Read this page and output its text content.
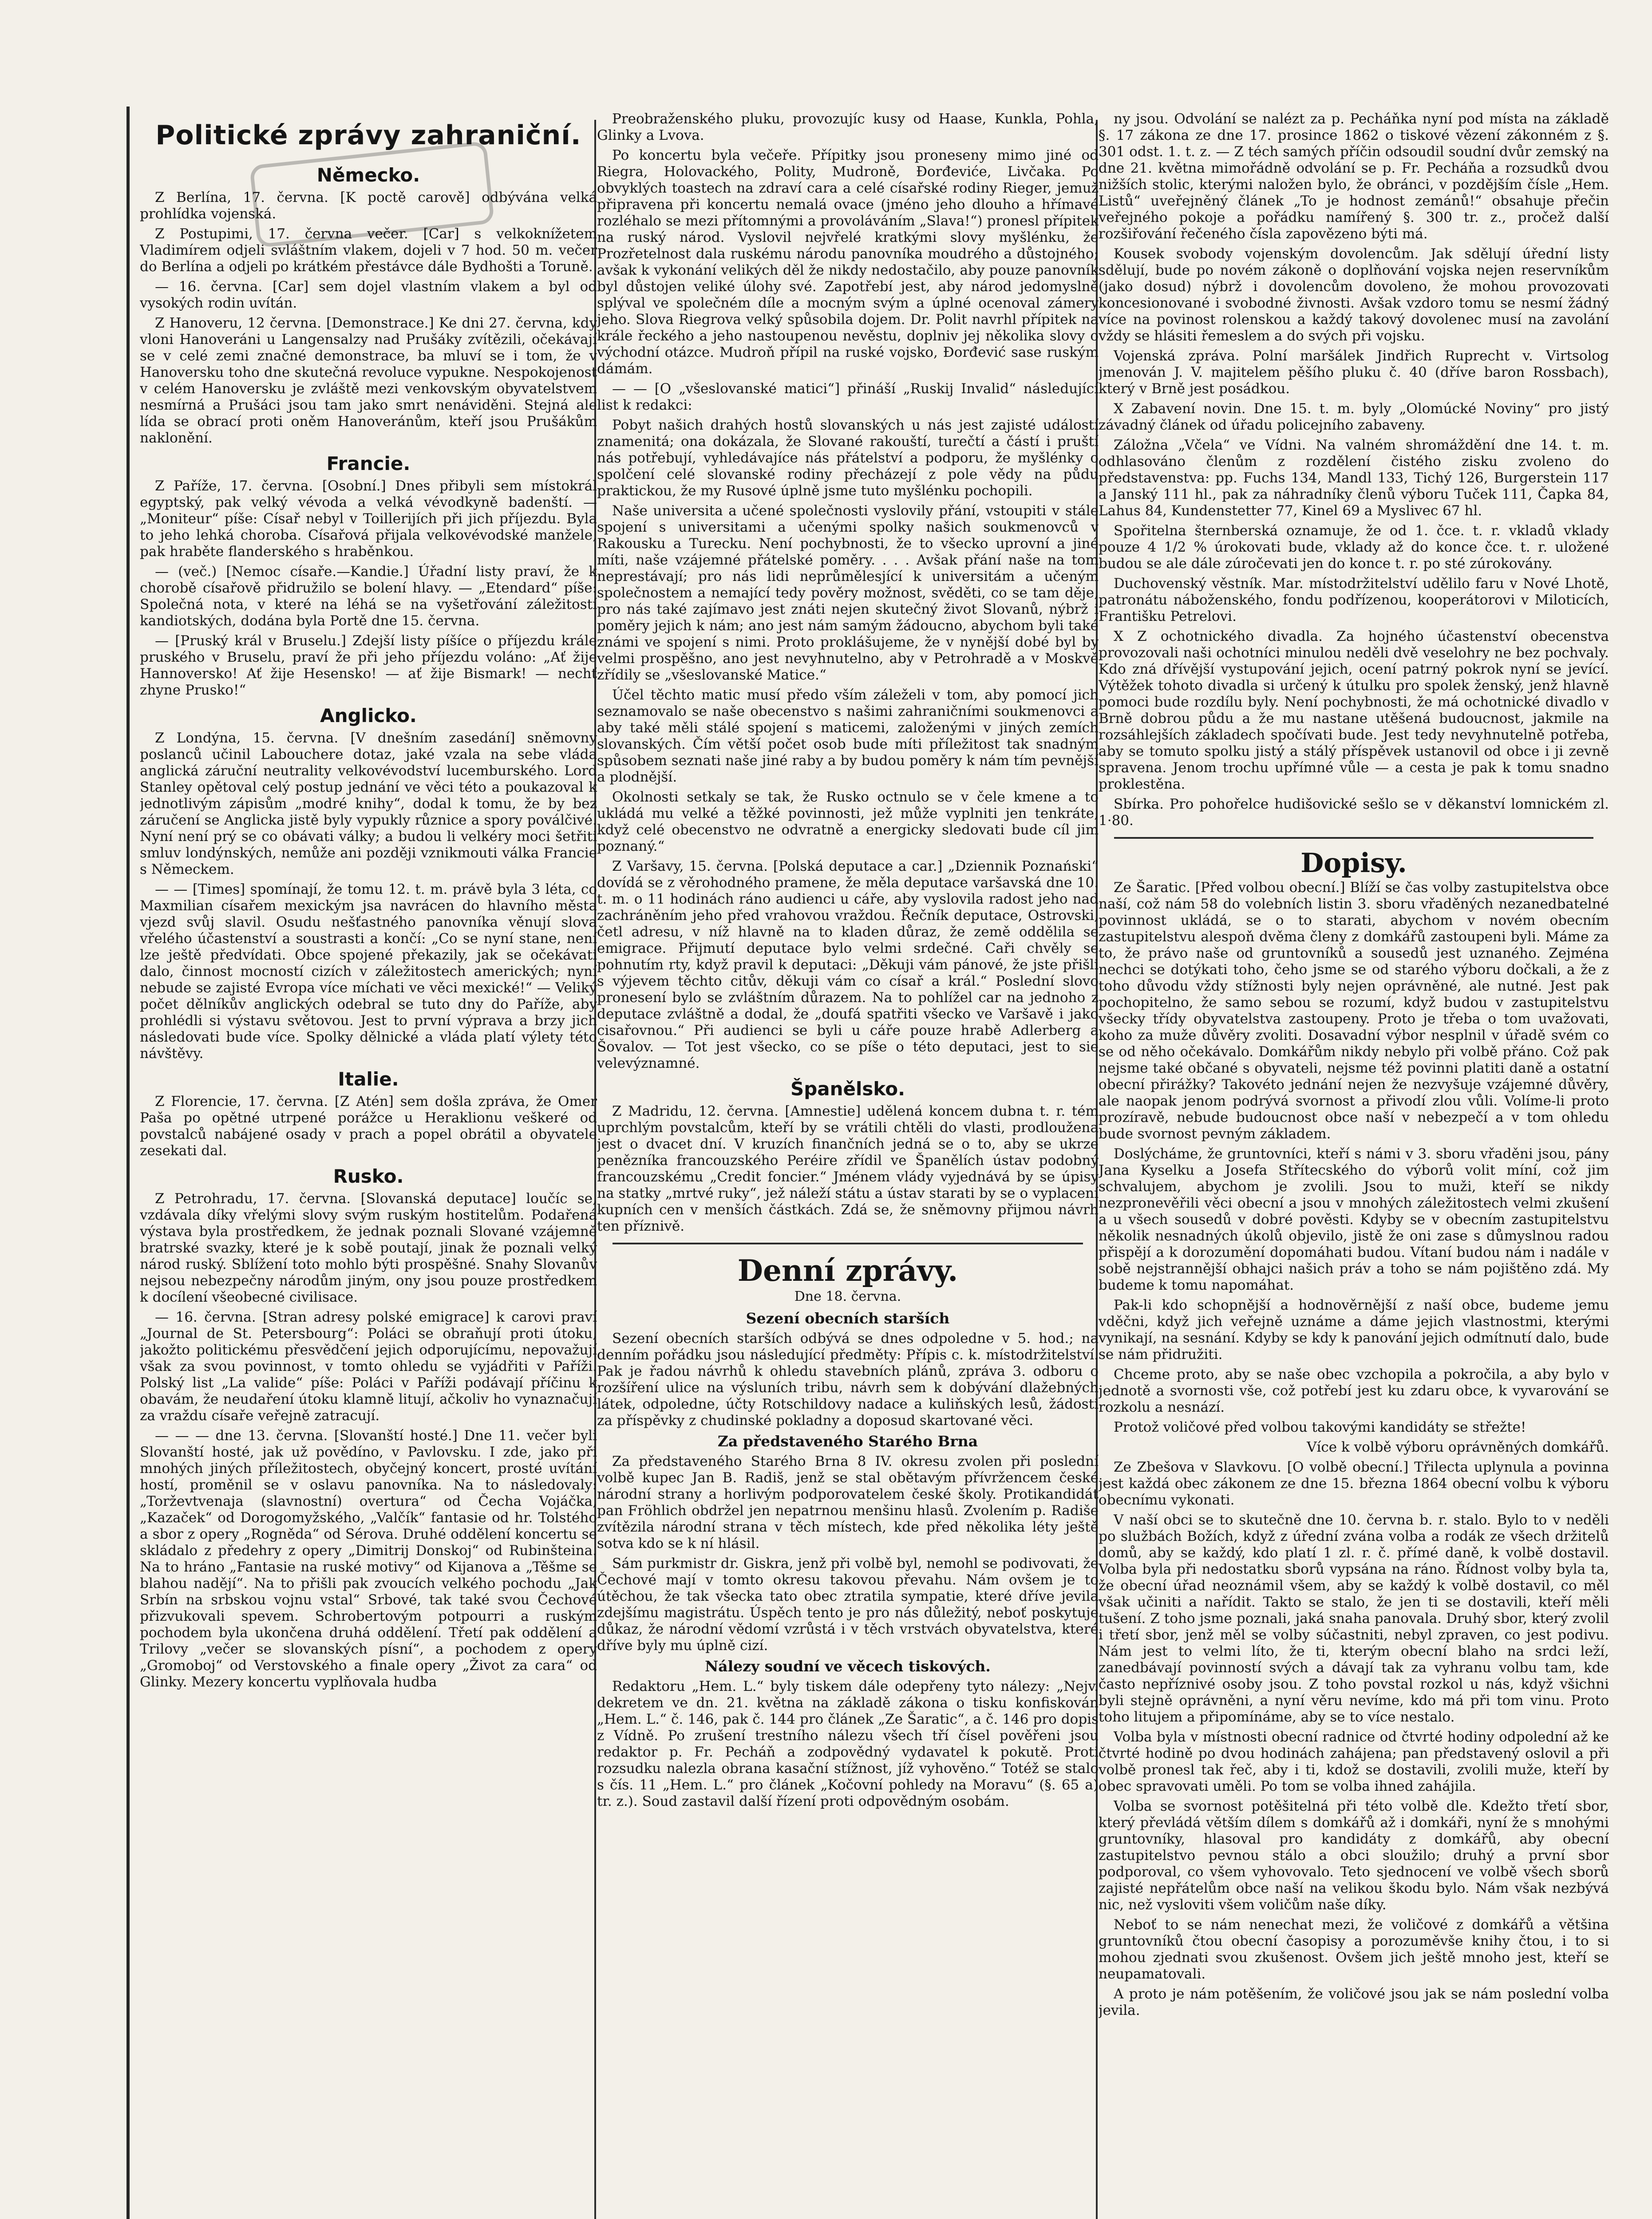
Politické zprávy zahraniční.
Německo.

Z Berlína, 17. června. [K poctě carově] odbývána velká prohlídka vojenská.

Z Postupimi, 17. června večer. [Car] s velkoknížetem Vladimírem odjeli svláštním vlakem, dojeli v 7 hod. 50 m. večer do Berlína a odjeli po krátkém přestávce dále Bydhošti a Toruně.

— 16. června. [Car] sem dojel vlastním vlakem a byl od vysokých rodin uvítán.

Z Hanoveru, 12 června. [Demonstrace.] Ke dni 27. června, kdy vloni Hanoveráni u Langensalzy nad Prušáky zvítězili, očekávají se v celé zemi značné demonstrace, ba mluví se i tom, že v Hanoversku toho dne skutečná revoluce vypukne. Nespokojenost v celém Hanoversku je zvláště mezi venkovským obyvatelstvem nesmírná a Prušáci jsou tam jako smrt nenáviděni. Stejná ale lída se obrací proti oněm Hanoveránům, kteří jsou Prušákům naklonění.

Francie.

Z Paříže, 17. června. [Osobní.] Dnes přibyli sem místokrál egyptský, pak velký vévoda a velká vévodkyně badenští. — „Moniteur“ píše: Císař nebyl v Toillerijích při jich příjezdu. Byla to jeho lehká choroba. Císařová přijala velkovévodské manžele, pak hraběte flanderského s hraběnkou.

— (več.) [Nemoc císaře.—Kandie.] Úřadní listy praví, že k chorobě císařově přidružilo se bolení hlavy. — „Etendard“ píše: Společná nota, v které na léhá se na vyšetřování záležitostí kandiotských, dodána byla Portě dne 15. června.

— [Pruský král v Bruselu.] Zdejší listy píšíce o příjezdu krále pruského v Bruselu, praví že při jeho příjezdu voláno: „Ať žije Hannoversko! Ať žije Hesensko! — ať žije Bismark! — nechť zhyne Prusko!“

Anglicko.

Z Londýna, 15. června. [V dnešním zasedání] sněmovny poslanců učinil Labouchere dotaz, jaké vzala na sebe vláda anglická záruční neutrality velkovévodství lucemburského. Lord Stanley opětoval celý postup jednání ve věci této a poukazoval k jednotlivým zápisům „modré knihy“, dodal k tomu, že by bez záručení se Anglicka jistě byly vypukly různice a spory poválčivé. Nyní není prý se co obávati války; a budou li velkéry moci šetřiti smluv londýnských, nemůže ani později vznikmouti válka Francie s Německem.

— — [Times] spomínají, že tomu 12. t. m. právě byla 3 léta, co Maxmilian císařem mexickým jsa navrácen do hlavního města vjezd svůj slavil. Osudu nešťastného panovníka věnují slova vřelého účastenství a soustrasti a končí: „Co se nyní stane, není lze ještě předvídati. Obce spojené překazily, jak se očekávati dalo, činnost mocností cizích v záležitostech amerických; nyní nebude se zajisté Evropa více míchati ve věci mexické!“ — Veliký počet dělníkův anglických odebral se tuto dny do Paříže, aby prohlédli si výstavu světovou. Jest to první výprava a brzy jich následovati bude více. Spolky dělnické a vláda platí výlety této návštěvy.

Italie.

Z Florencie, 17. června. [Z Atén] sem došla zpráva, že Omer Paša po opětné utrpené porážce u Heraklionu veškeré od povstalců nabájené osady v prach a popel obrátil a obyvatele zesekati dal.

Rusko.

Z Petrohradu, 17. června. [Slovanská deputace] loučíc se, vzdávala díky vřelými slovy svým ruským hostitelům. Podařená výstava byla prostředkem, že jednak poznali Slované vzájemně bratrské svazky, které je k sobě poutají, jinak že poznali velký národ ruský. Sblížení toto mohlo býti prospěšné. Snahy Slovanův nejsou nebezpečny národům jiným, ony jsou pouze prostředkem k docílení všeobecné civilisace.

— 16. června. [Stran adresy polské emigrace] k carovi praví „Journal de St. Petersbourg“: Poláci se obraňují proti útoku, jakožto politickému přesvědčení jejich odporujícímu, nepovažují však za svou povinnost, v tomto ohledu se vyjádřiti v Paříži. Polský list „La valide“ píše: Poláci v Paříži podávají příčinu k obavám, že neudaření útoku klamně litují, ačkoliv ho vynaznačují za vraždu císaře veřejně zatracují.

— — — dne 13. června. [Slovanští hosté.] Dne 11. večer byli Slovanští hosté, jak už povědíno, v Pavlovsku. I zde, jako při mnohých jiných příležitostech, obyčejný koncert, prosté uvítání hostí, proměnil se v oslavu panovníka. Na to následovaly: „Torževtvenaja (slavnostní) overtura“ od Čecha Vojáčka, „Kazaček“ od Dorogomyžského, „Valčík“ fantasie od hr. Tolstého a sbor z opery „Rogněda“ od Sérova. Druhé oddělení koncertu se skládalo z předehry z opery „Dimitrij Donskoj“ od Rubinšteina. Na to hráno „Fantasie na ruské motivy“ od Kijanova a „Těšme se blahou nadějí“. Na to přišli pak zvoucích velkého pochodu „Jak Srbín na srbskou vojnu vstal“ Srbové, tak také svou Čechové přizvukovali spevem. Schrobertovým potpourri a ruským pochodem byla ukončena druhá oddělení. Třetí pak oddělení a Trilovy „večer se slovanských písní“, a pochodem z opery „Gromoboj“ od Verstovského a finale opery „Život za cara“ od Glinky. Mezery koncertu vyplňovala hudba

Preobraženského pluku, provozujíc kusy od Haase, Kunkla, Pohla, Glinky a Lvova.

Po koncertu byla večeře. Přípitky jsou proneseny mimo jiné od Riegra, Holovackého, Polity, Mudroně, Đorđeviće, Livčaka. Po obvyklých toastech na zdraví cara a celé císařské rodiny Rieger, jemuž připravena při koncertu nemalá ovace (jméno jeho dlouho a hřímavé rozléhalo se mezi přítomnými a provoláváním „Slava!“) pronesl přípitek na ruský národ. Vyslovil nejvřelé kratkými slovy myšlénku, že Prozřetelnost dala ruskému národu panovníka moudrého a důstojného; avšak k vykonání velikých děl že nikdy nedostačilo, aby pouze panovník byl důstojen veliké úlohy své. Zapotřebí jest, aby národ jedomyslně splýval ve společném díle a mocným svým a úplné ocenoval zámery jeho. Slova Riegrova velký spůsobila dojem. Dr. Polit navrhl přípitek na krále řeckého a jeho nastoupenou nevěstu, doplniv jej několika slovy o východní otázce. Mudroň přípil na ruské vojsko, Đorđević sase ruským dámám.

— — [O „všeslovanské matici“] přináší „Ruskij Invalid“ následující list k redakci:

Pobyt našich drahých hostů slovanských u nás jest zajisté událostí znamenitá; ona dokázala, že Slované rakouští, turečtí a částí i pruští nás potřebují, vyhledávajíce nás přátelství a podporu, že myšlénky o spolčení celé slovanské rodiny přecházejí z pole vědy na půdu praktickou, že my Rusové úplně jsme tuto myšlénku pochopili.

Naše universita a učené společnosti vyslovily přání, vstoupiti v stále spojení s universitami a učenými spolky našich soukmenovců v Rakousku a Turecku. Není pochybnosti, že to všecko uprovní a jiné míti, naše vzájemné přátelské poměry. . . . Avšak přání naše na tom neprestávají; pro nás lidi neprůmělesjící k universitám a učeným společnostem a nemající tedy pověry možnost, svěděti, co se tam děje, pro nás také zajímavo jest znáti nejen skutečný život Slovanů, nýbrž i poměry jejich k nám; ano jest nám samým žádoucno, abychom byli také známi ve spojení s nimi. Proto proklášujeme, že v nynější dobé byl by velmi prospěšno, ano jest nevyhnutelno, aby v Petrohradě a v Moskvě zřídily se „všeslovanské Matice.“

Účel těchto matic musí předo vším záleželi v tom, aby pomocí jich seznamovalo se naše obecenstvo s našimi zahraničními soukmenovci a aby také měli stálé spojení s maticemi, založenými v jiných zemích slovanských. Čím větší počet osob bude míti příležitost tak snadným spůsobem seznati naše jiné raby a by budou poměry k nám tím pevnější a plodnější.

Okolnosti setkaly se tak, že Rusko octnulo se v čele kmene a to ukládá mu velké a těžké povinnosti, jež může vyplniti jen tenkráte, když celé obecenstvo ne odvratně a energicky sledovati bude cíl jim poznaný.“

Z Varšavy, 15. června. [Polská deputace a car.] „Dziennik Poznański“ dovídá se z věrohodného pramene, že měla deputace varšavská dne 10. t. m. o 11 hodinách ráno audienci u cáře, aby vyslovila radost jeho nad zachráněním jeho před vrahovou vraždou. Řečník deputace, Ostrovski, četl adresu, v níž hlavně na to kladen důraz, že země oddělila se emigrace. Přijmutí deputace bylo velmi srdečné. Caři chvěly se pohnutím rty, když pravil k deputaci: „Děkuji vám pánové, že jste přišli s výjevem těchto citův, děkuji vám co císař a král.“ Poslední slovo pronesení bylo se zvláštním důrazem. Na to pohlížel car na jednoho z deputace zvláštně a dodal, že „doufá spatřiti všecko ve Varšavě i jako cisařovnou.“ Při audienci se byli u cáře pouze hrabě Adlerberg a Šovalov. — Tot jest všecko, co se píše o této deputaci, jest to sie velevýznamné.

Španělsko.

Z Madridu, 12. června. [Amnestie] udělená koncem dubna t. r. tém uprchlým povstalcům, kteří by se vrátili chtěli do vlasti, prodloužena jest o dvacet dní. V kruzích finančních jedná se o to, aby se ukrze penězníka francouzského Peréire zřídil ve Španělích ústav podobný francouzskému „Credit foncier.“ Jménem vlády vyjednává by se úpisy na statky „mrtvé ruky“, jež náleží státu a ústav starati by se o vyplacení kupních cen v menších částkách. Zdá se, že sněmovny přijmou návrh ten příznivě.

Denní zprávy.
Dne 18. června.
Sezení obecních starších

Sezení obecních starších odbývá se dnes odpoledne v 5. hod.; na denním pořádku jsou následující předměty: Přípis c. k. místodržitelství. Pak je řadou návrhů k ohledu stavebních plánů, zpráva 3. odboru o rozšíření ulice na výsluních tribu, návrh sem k dobývání dlažebných látek, odpoledne, účty Rotschildovy nadace a kuliňských lesů, žádosti za příspěvky z chudinské pokladny a doposud skartované věci.

Za představeného Starého Brna

Za představeného Starého Brna 8 IV. okresu zvolen při poslední volbě kupec Jan B. Radiš, jenž se stal obětavým přívržencem české národní strany a horlivým podporovatelem české školy. Protikandidát pan Fröhlich obdržel jen nepatrnou menšinu hlasů. Zvolením p. Radiše zvítězila národní strana v těch místech, kde před několika léty ještě sotva kdo se k ní hlásil.

Sám purkmistr dr. Giskra, jenž při volbě byl, nemohl se podivovati, že Čechové mají v tomto okresu takovou převahu. Nám ovšem je to útěchou, že tak všecka tato obec ztratila sympatie, které dříve jevila zdejšímu magistrátu. Úspěch tento je pro nás důležitý, neboť poskytuje důkaz, že národní vědomí vzrůstá i v těch vrstvách obyvatelstva, které dříve byly mu úplně cizí.

Nálezy soudní ve věcech tiskových.

Redaktoru „Hem. L.“ byly tiskem dále odepřeny tyto nálezy: „Nejv. dekretem ve dn. 21. května na základě zákona o tisku konfiskován „Hem. L.“ č. 146, pak č. 144 pro článek „Ze Šaratic“, a č. 146 pro dopis z Vídně. Po zrušení trestního nálezu všech tří čísel pověřeni jsou redaktor p. Fr. Pecháň a zodpovědný vydavatel k pokutě. Proti rozsudku nalezla obrana kasační stížnost, jíž vyhověno.“ Totéž se stalo s čís. 11 „Hem. L.“ pro článek „Kočovní pohledy na Moravu“ (§. 65 a) tr. z.). Soud zastavil další řízení proti odpovědným osobám.

ny jsou. Odvolání se nalézt za p. Pecháňka nyní pod místa na základě §. 17 zákona ze dne 17. prosince 1862 o tiskové vězení zákonném z §. 301 odst. 1. t. z. — Z téch samých příčin odsoudil soudní dvůr zemský na dne 21. května mimořádně odvolání se p. Fr. Pecháňa a rozsudků dvou nižších stolic, kterými naložen bylo, že obránci, v pozdějším čísle „Hem. Listů“ uveřejněný článek „To je hodnost zemánů!“ obsahuje přečin veřejného pokoje a pořádku namířený §. 300 tr. z., pročež další rozšiřování řečeného čísla zapovězeno býti má.

Kousek svobody vojenským dovolencům. Jak sdělují úřední listy sdělují, bude po novém zákoně o doplňování vojska nejen reservníkům (jako dosud) nýbrž i dovolencům dovoleno, že mohou provozovati koncesionované i svobodné živnosti. Avšak vzdoro tomu se nesmí žádný více na povinost rolenskou a každý takový dovolenec musí na zavolání vždy se hlásiti řemeslem a do svých při vojsku.

Vojenská zpráva. Polní maršálek Jindřich Ruprecht v. Virtsolog jmenován J. V. majitelem pěšího pluku č. 40 (dříve baron Rossbach), který v Brně jest posádkou.

X Zabavení novin. Dne 15. t. m. byly „Olomúcké Noviny“ pro jistý závadný článek od úřadu policejního zabaveny.

Záložna „Včela“ ve Vídni. Na valném shromáždění dne 14. t. m. odhlasováno členům z rozdělení čistého zisku zvoleno do představenstva: pp. Fuchs 134, Mandl 133, Tichý 126, Burgerstein 117 a Janský 111 hl., pak za náhradníky členů výboru Tuček 111, Čapka 84, Lahus 84, Kundenstetter 77, Kinel 69 a Myslivec 67 hl.

Spořitelna šternberská oznamuje, že od 1. čce. t. r. vkladů vklady pouze 4 1/2 % úrokovati bude, vklady až do konce čce. t. r. uložené budou se ale dále zúročevati jen do konce t. r. po sté zúrokovány.

Duchovenský věstník. Mar. místodržitelství udělilo faru v Nové Lhotě, patronátu náboženského, fondu podřízenou, kooperátorovi v Miloticích, Františku Petrelovi.

X Z ochotnického divadla. Za hojného účastenství obecenstva provozovali naši ochotníci minulou neděli dvě veselohry ne bez pochvaly. Kdo zná dřívější vystupování jejich, ocení patrný pokrok nyní se jevící. Výtěžek tohoto divadla si určený k útulku pro spolek ženský, jenž hlavně pomoci bude rozdílu byly. Není pochybnosti, že má ochotnické divadlo v Brně dobrou půdu a že mu nastane utěšená budoucnost, jakmile na rozsáhlejších základech spočívati bude. Jest tedy nevyhnutelně potřeba, aby se tomuto spolku jistý a stálý příspěvek ustanovil od obce i ji zevně spravena. Jenom trochu upřímné vůle — a cesta je pak k tomu snadno proklestěna.

Sbírka. Pro pohořelce hudišovické sešlo se v děkanství lomnickém zl. 1·80.

Dopisy.

Ze Šaratic. [Před volbou obecní.] Blíží se čas volby zastupitelstva obce naší, což nám 58 do volebních listin 3. sboru vřaděných nezanedbatelné povinnost ukládá, se o to starati, abychom v novém obecním zastupitelstvu alespoň dvěma členy z domkářů zastoupeni byli. Máme za to, že právo naše od gruntovníků a sousedů jest uznaného. Zejména nechci se dotýkati toho, čeho jsme se od starého výboru dočkali, a že z toho důvodu vždy stížnosti byly nejen oprávněné, ale nutné. Jest pak pochopitelno, že samo sebou se rozumí, když budou v zastupitelstvu všecky třídy obyvatelstva zastoupeny. Proto je třeba o tom uvažovati, koho za muže důvěry zvoliti. Dosavadní výbor nesplnil v úřadě svém co se od něho očekávalo. Domkářům nikdy nebylo při volbě přáno. Což pak nejsme také občané s obyvateli, nejsme též povinni platiti daně a ostatní obecní přirážky? Takovéto jednání nejen že nezvyšuje vzájemné důvěry, ale naopak jenom podrývá svornost a přivodí zlou vůli. Volíme-li proto prozíravě, nebude budoucnost obce naší v nebezpečí a v tom ohledu bude svornost pevným základem.

Doslýcháme, že gruntovníci, kteří s námi v 3. sboru vřaděni jsou, pány Jana Kyselku a Josefa Střítecského do výborů volit míní, což jim schvalujem, abychom je zvolili. Jsou to muži, kteří se nikdy nezpronevěřili věci obecní a jsou v mnohých záležitostech velmi zkušení a u všech sousedů v dobré pověsti. Kdyby se v obecním zastupitelstvu několik nesnadných úkolů objevilo, jistě že oni zase s důmyslnou radou přispějí a k dorozumění dopomáhati budou. Vítaní budou nám i nadále v sobě nejstrannější obhajci našich práv a toho se nám pojištěno zdá. My budeme k tomu napomáhat.

Pak-li kdo schopnější a hodnověrnější z naší obce, budeme jemu vděčni, když jich veřejně uznáme a dáme jejich vlastnostmi, kterými vynikají, na sesnání. Kdyby se kdy k panování jejich odmítnutí dalo, bude se nám přidružiti.

Chceme proto, aby se naše obec vzchopila a pokročila, a aby bylo v jednotě a svornosti vše, což potřebí jest ku zdaru obce, k vyvarování se rozkolu a nesnází.

Protož voličové před volbou takovými kandidáty se střežte!

Více k volbě výboru oprávněných domkářů.

Ze Zbešova v Slavkovu. [O volbě obecní.] Třilecta uplynula a povinna jest každá obec zákonem ze dne 15. března 1864 obecní volbu k výboru obecnímu vykonati.

V naší obci se to skutečně dne 10. června b. r. stalo. Bylo to v neděli po službách Božích, když z úřední zvána volba a rodák ze všech držitelů domů, aby se každý, kdo platí 1 zl. r. č. přímé daně, k volbě dostavil. Volba byla při nedostatku sborů vypsána na ráno. Řídnost volby byla ta, že obecní úřad neoznámil všem, aby se každý k volbě dostavil, co měl však učiniti a nařídit. Takto se stalo, že jen ti se dostavili, kteří měli tušení. Z toho jsme poznali, jaká snaha panovala. Druhý sbor, který zvolil i třetí sbor, jenž měl se volby súčastniti, nebyl zpraven, co jest podivu. Nám jest to velmi líto, že ti, kterým obecní blaho na srdci leží, zanedbávají povinností svých a dávají tak za vyhranu volbu tam, kde často nepříznivé osoby jsou. Z toho povstal rozkol u nás, když všichni byli stejně oprávněni, a nyní věru nevíme, kdo má při tom vinu. Proto toho litujem a připomínáme, aby se to více nestalo.

Volba byla v místnosti obecní radnice od čtvrté hodiny odpolední až ke čtvrté hodině po dvou hodinách zahájena; pan představený oslovil a při volbě pronesl tak řeč, aby i ti, kdož se dostavili, zvolili muže, kteří by obec spravovati uměli. Po tom se volba ihned zahájila.

Volba se svornost potěšitelná při této volbě dle. Kdežto třetí sbor, který převládá větším dílem s domkářů až i domkáři, nyní že s mnohými gruntovníky, hlasoval pro kandidáty z domkářů, aby obecní zastupitelstvo pevnou stálo a obci sloužilo; druhý a první sbor podporoval, co všem vyhovovalo. Teto sjednocení ve volbě všech sborů zajisté nepřátelům obce naší na velikou škodu bylo. Nám však nezbývá nic, než vysloviti všem voličům naše díky.

Neboť to se nám nenechat mezi, že voličové z domkářů a většina gruntovníků čtou obecní časopisy a porozuměvše knihy čtou, i to si mohou zjednati svou zkušenost. Ovšem jich ještě mnoho jest, kteří se neupamatovali.

A proto je nám potěšením, že voličové jsou jak se nám poslední volba jevila.
